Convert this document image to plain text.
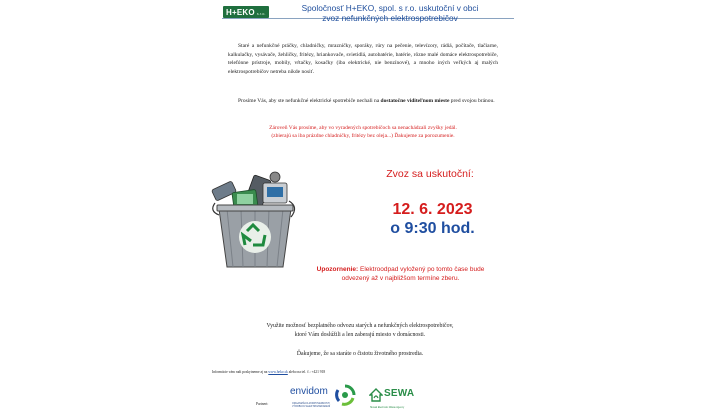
H+EKO s.r.o.
Spoločnosť H+EKO, spol. s r.o. uskutoční v obci
zvoz nefunkčných elektrospotrebičov
Staré a nefunkčné práčky, chladničky, mrazničky, sporáky, rúry na pečenie, televízory, rádiá, počítače, tlačiarne, kalkulačky, vysávače, žehličky, fritézy, hriankovače, svietidlá, autobatérie, batérie, rôzne malé domáce elektrospotrebiče, telefónne prístroje, mobily, vŕtačky, kosačky (iba elektrické, nie benzínové), a mnoho iných veľkých aj malých elektrospotrebičov netreba nikde nosiť.
Prosíme Vás, aby ste nefunkčné elektrické spotrebiče nechali na dostatočne viditeľnom mieste pred svojou bránou.
Zároveň Vás prosíme, aby vo vyradených spotrebičoch sa nenachádzali zvyšky jedál.
(zbierajú sa iba prázdne chladničky, fritézy bez oleja...) Ďakujeme za porozumenie.
Zvoz sa uskutoční:
12. 6. 2023
o 9:30 hod.
Upozornenie: Elektroodpad vyložený po tomto čase bude odvezený až v najbližšom termíne zberu.
Využite možnosť bezplatného odvozu starých a nefunkčných elektrospotrebičov,
ktoré Vám doslúžili a len zaberajú miesto v domácnosti.
Ďakujeme, že sa staráte o čistotu životného prostredia.
Informácie vám radi poskytneme aj na www.heko.sk alebo na tel. č.: +421 918
Partneri:
envidom
ORGANIZÁCIA ZODPOVEDNOSTI VÝROBCOV ELEKTROZARIADENÍ
SEWA
Slovak Electronic Waste Agency
